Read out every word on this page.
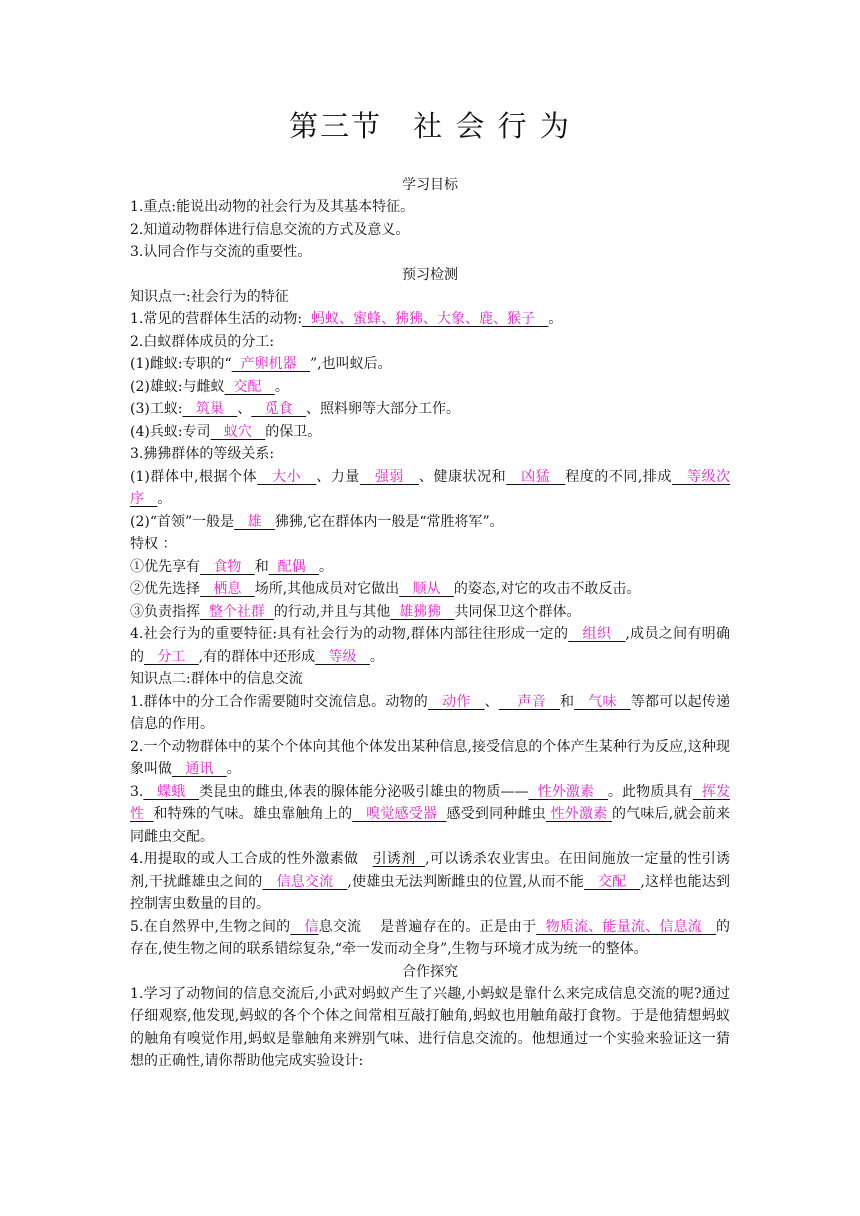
第三节　社 会 行 为
学习目标
1.重点:能说出动物的社会行为及其基本特征。
2.知道动物群体进行信息交流的方式及意义。
3.认同合作与交流的重要性。
预习检测
知识点一:社会行为的特征
1.常见的营群体生活的动物: 蚂蚁、蜜蜂、狒狒、大象、鹿、猴子 。
2.白蚁群体成员的分工:
(1)雌蚁:专职的“ 产卵机器 ”,也叫蚁后。
(2)雄蚁:与雌蚁 交配 。
(3)工蚁: 筑巢 、 觅食 、照料卵等大部分工作。
(4)兵蚁:专司 蚁穴 的保卫。
3.狒狒群体的等级关系:
(1)群体中,根据个体 大小 、力量 强弱 、健康状况和 凶猛 程度的不同,排成 等级次序 。
(2)“首领”一般是 雄 狒狒,它在群体内一般是“常胜将军”。
特权 ：
①优先享有 食物 和 配偶 。
②优先选择 栖息 场所,其他成员对它做出 顺从 的姿态,对它的攻击不敢反击。
③负责指挥 整个社群 的行动,并且与其他 雄狒狒 共同保卫这个群体。
4.社会行为的重要特征:具有社会行为的动物,群体内部往往形成一定的 组织 ,成员之间有明确的 分工 ,有的群体中还形成 等级 。
知识点二:群体中的信息交流
1.群体中的分工合作需要随时交流信息。动物的 动作 、 声音 和 气味 等都可以起传递信息的作用。
2.一个动物群体中的某个个体向其他个体发出某种信息,接受信息的个体产生某种行为反应,这种现象叫做 通讯 。
3. 蝶蛾 类昆虫的雌虫,体表的腺体能分泌吸引雄虫的物质—— 性外激素 。此物质具有 挥发性 和特殊的气味。雄虫靠触角上的 嗅觉感受器 感受到同种雌虫 性外激素 的气味后,就会前来同雌虫交配。
4.用提取的或人工合成的性外激素做 引诱剂 ,可以诱杀农业害虫。在田间施放一定量的性引诱剂,干扰雌雄虫之间的 信息交流 ,使雄虫无法判断雌虫的位置,从而不能 交配 ,这样也能达到控制害虫数量的目的。
5.在自然界中,生物之间的 信息交流 是普遍存在的。正是由于 物质流、能量流、信息流 的存在,使生物之间的联系错综复杂,“牵一发而动全身”,生物与环境才成为统一的整体。
合作探究
1.学习了动物间的信息交流后,小武对蚂蚁产生了兴趣,小蚂蚁是靠什么来完成信息交流的呢?通过仔细观察,他发现,蚂蚁的各个个体之间常相互敲打触角,蚂蚁也用触角敲打食物。于是他猜想蚂蚁的触角有嗅觉作用,蚂蚁是靠触角来辨别气味、进行信息交流的。他想通过一个实验来验证这一猜想的正确性,请你帮助他完成实验设计:
